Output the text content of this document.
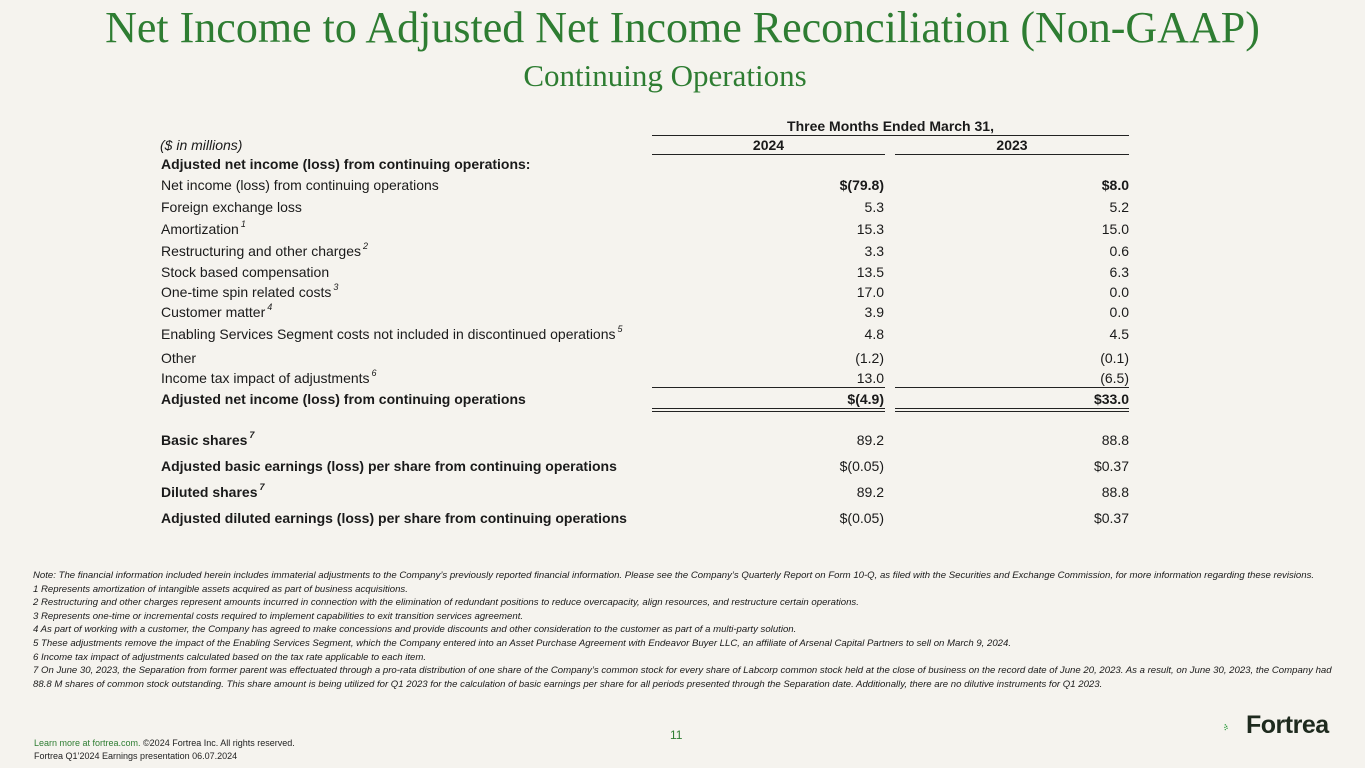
Net Income to Adjusted Net Income Reconciliation (Non-GAAP)
Continuing Operations
Three Months Ended March 31,
($ in millions)	2024	2023
Adjusted net income (loss) from continuing operations:
Net income (loss) from continuing operations	$(79.8)	$8.0
Foreign exchange loss	5.3	5.2
Amortization $^1$	15.3	15.0
Restructuring and other charges $^2$	3.3	0.6
Stock based compensation	13.5	6.3
One-time spin related costs $^3$	17.0	0.0
Customer matter $^4$	3.9	0.0
Enabling Services Segment costs not included in discontinued operations $^5$	4.8	4.5
Other	(1.2)	(0.1)
Income tax impact of adjustments $^6$	13.0	(6.5)
Adjusted net income (loss) from continuing operations	$(4.9)	$33.0
Basic shares $^7$	89.2	88.8
Adjusted basic earnings (loss) per share from continuing operations	$(0.05)	$0.37
Diluted shares $^7$	89.2	88.8
Adjusted diluted earnings (loss) per share from continuing operations	$(0.05)	$0.37
Note: The financial information included herein includes immaterial adjustments to the Company’s previously reported financial information. Please see the Company’s Quarterly Report on Form 10-Q, as filed with the Securities and Exchange Commission, for more information regarding these revisions.
1 Represents amortization of intangible assets acquired as part of business acquisitions.
2 Restructuring and other charges represent amounts incurred in connection with the elimination of redundant positions to reduce overcapacity, align resources, and restructure certain operations.
3 Represents one-time or incremental costs required to implement capabilities to exit transition services agreement.
4 As part of working with a customer, the Company has agreed to make concessions and provide discounts and other consideration to the customer as part of a multi-party solution.
5 These adjustments remove the impact of the Enabling Services Segment, which the Company entered into an Asset Purchase Agreement with Endeavor Buyer LLC, an affiliate of Arsenal Capital Partners to sell on March 9, 2024.
6 Income tax impact of adjustments calculated based on the tax rate applicable to each item.
7 On June 30, 2023, the Separation from former parent was effectuated through a pro-rata distribution of one share of the Company’s common stock for every share of Labcorp common stock held at the close of business on the record date of June 20, 2023. As a result, on June 30, 2023, the Company had 88.8 M shares of common stock outstanding. This share amount is being utilized for Q1 2023 for the calculation of basic earnings per share for all periods presented through the Separation date. Additionally, there are no dilutive instruments for Q1 2023.
11
Learn more at fortrea.com. ©2024 Fortrea Inc. All rights reserved.
Fortrea Q1’2024 Earnings presentation 06.07.2024
Fortrea
